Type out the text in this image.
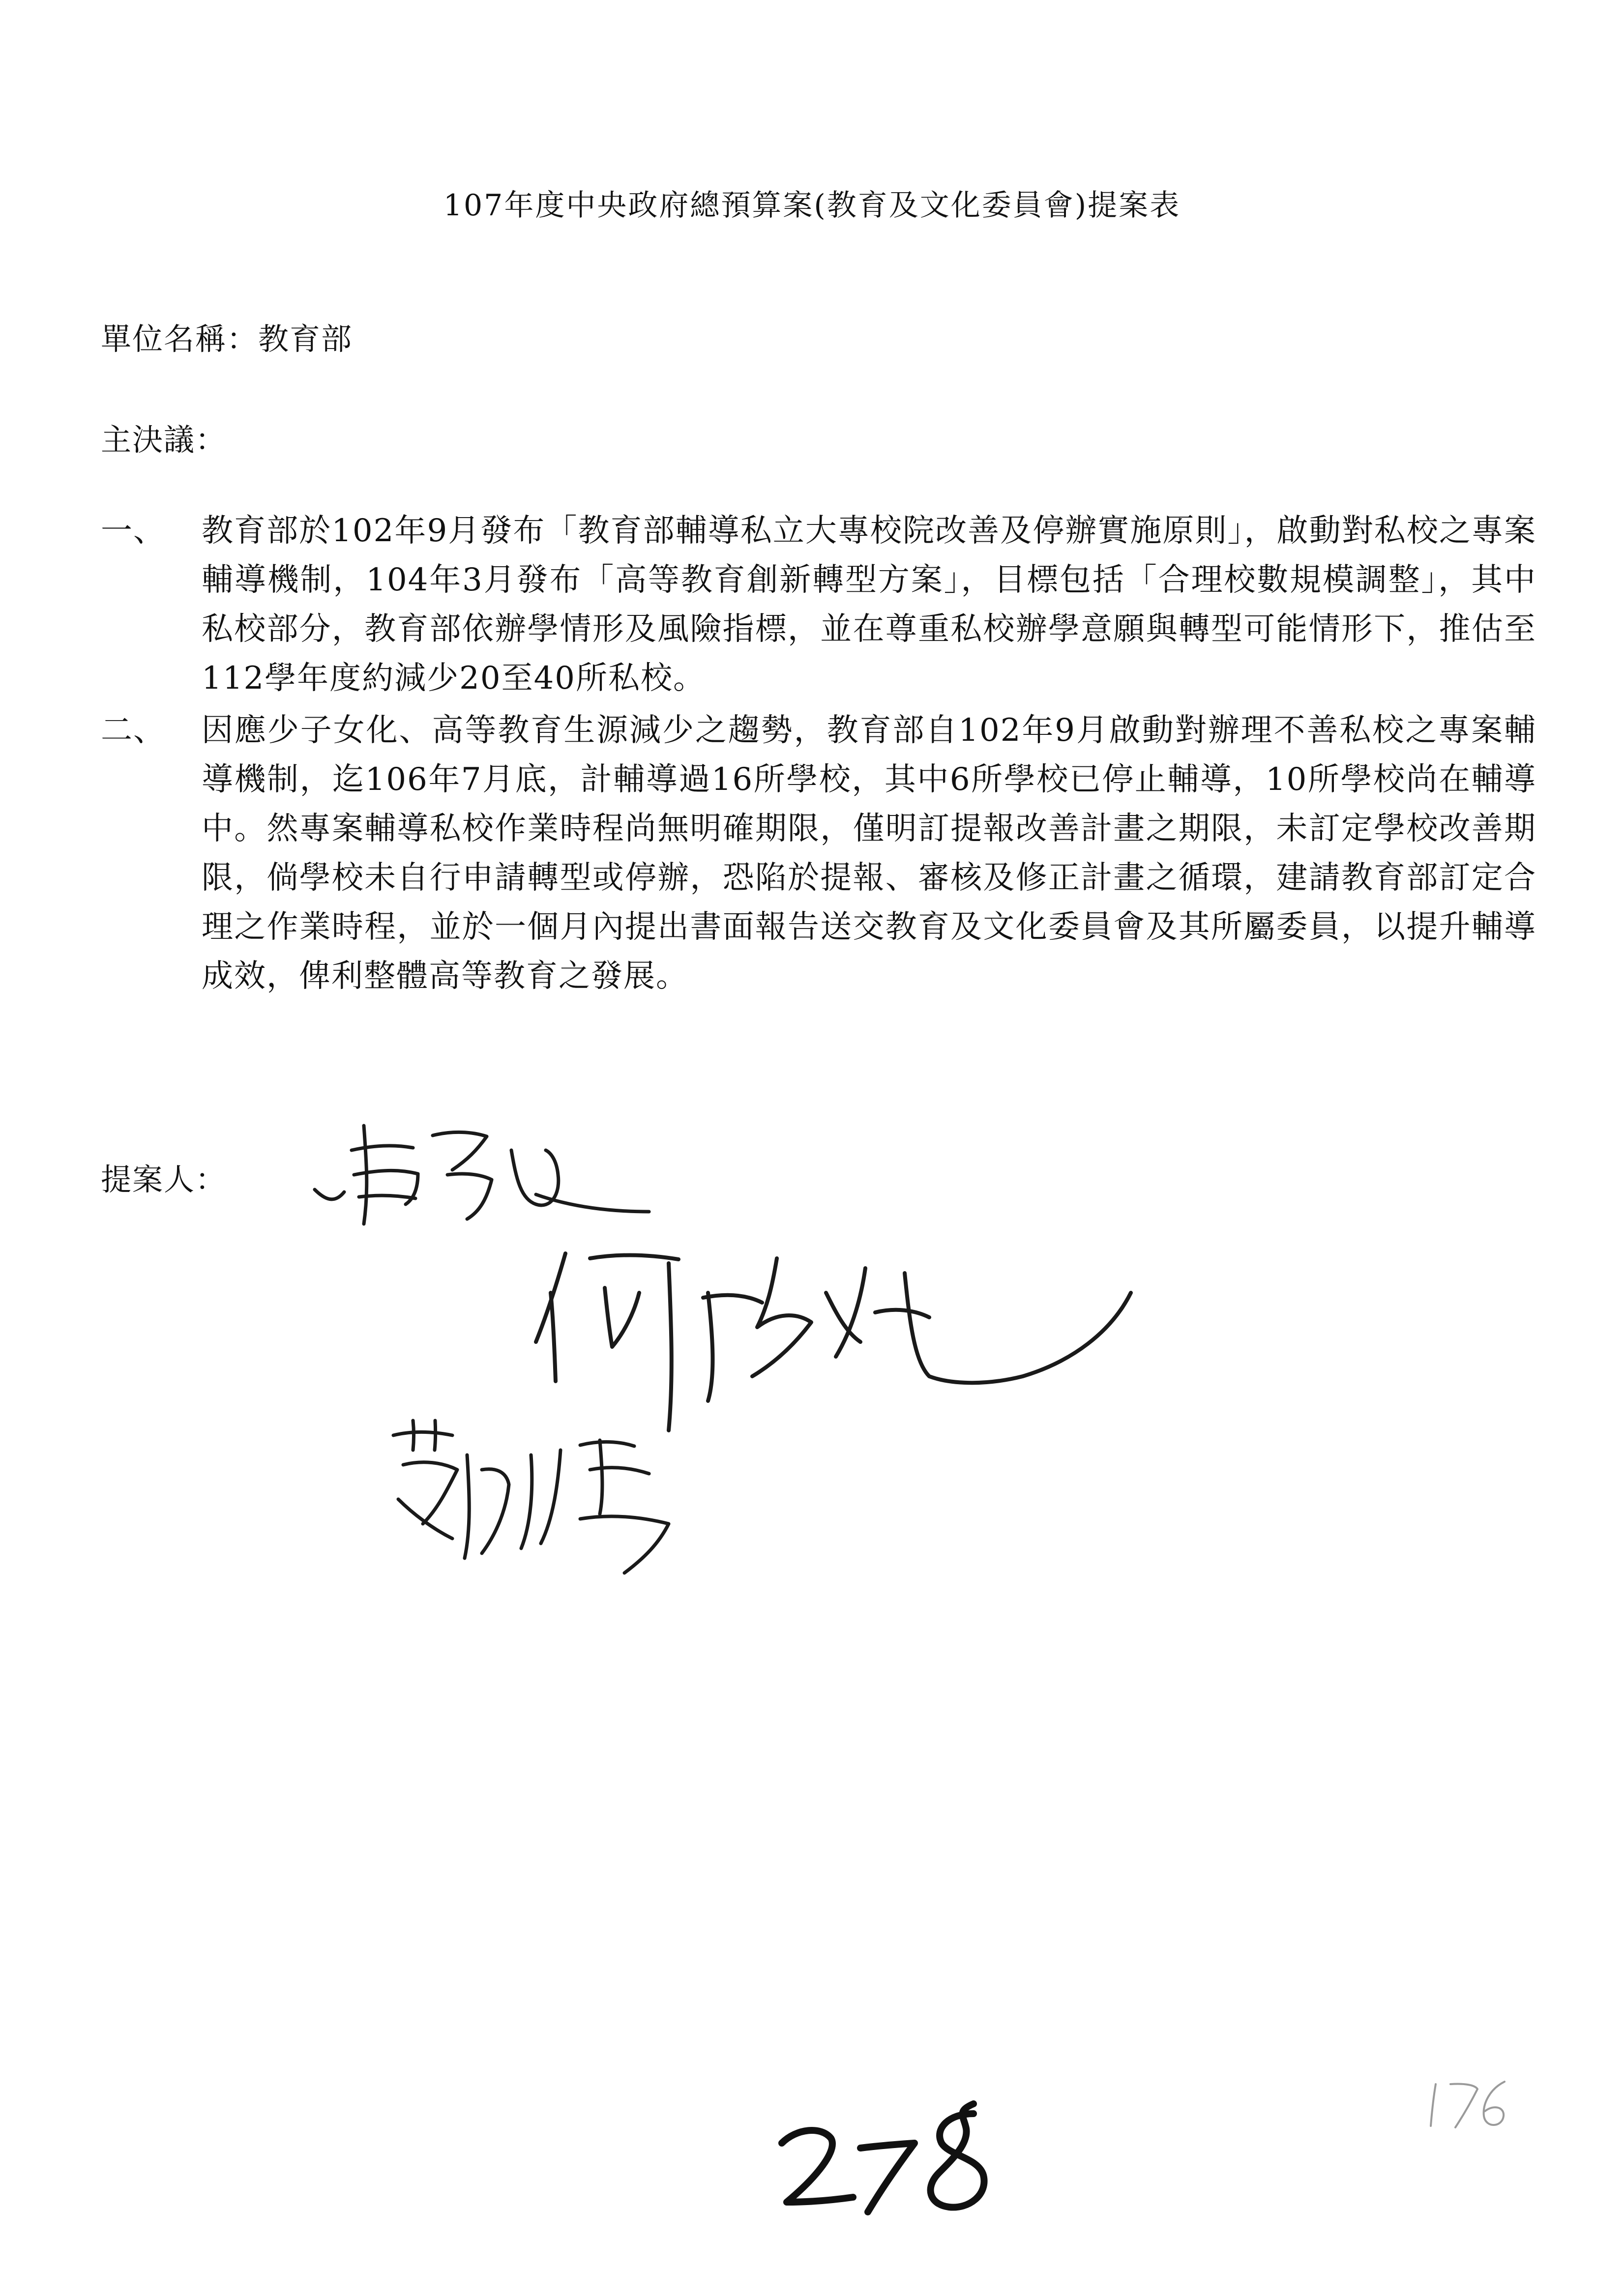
107年度中央政府總預算案(教育及文化委員會)提案表
單位名稱：教育部
主決議：
一、	教育部於102年9月發布「教育部輔導私立大專校院改善及停辦實施原則」，啟動對私校之專案輔導機制，104年3月發布「高等教育創新轉型方案」，目標包括「合理校數規模調整」，其中私校部分，教育部依辦學情形及風險指標，並在尊重私校辦學意願與轉型可能情形下，推估至112學年度約減少20至40所私校。
二、	因應少子女化、高等教育生源減少之趨勢，教育部自102年9月啟動對辦理不善私校之專案輔導機制，迄106年7月底，計輔導過16所學校，其中6所學校已停止輔導，10所學校尚在輔導中。然專案輔導私校作業時程尚無明確期限，僅明訂提報改善計畫之期限，未訂定學校改善期限，倘學校未自行申請轉型或停辦，恐陷於提報、審核及修正計畫之循環，建請教育部訂定合理之作業時程，並於一個月內提出書面報告送交教育及文化委員會及其所屬委員，以提升輔導成效，俾利整體高等教育之發展。
提案人：
